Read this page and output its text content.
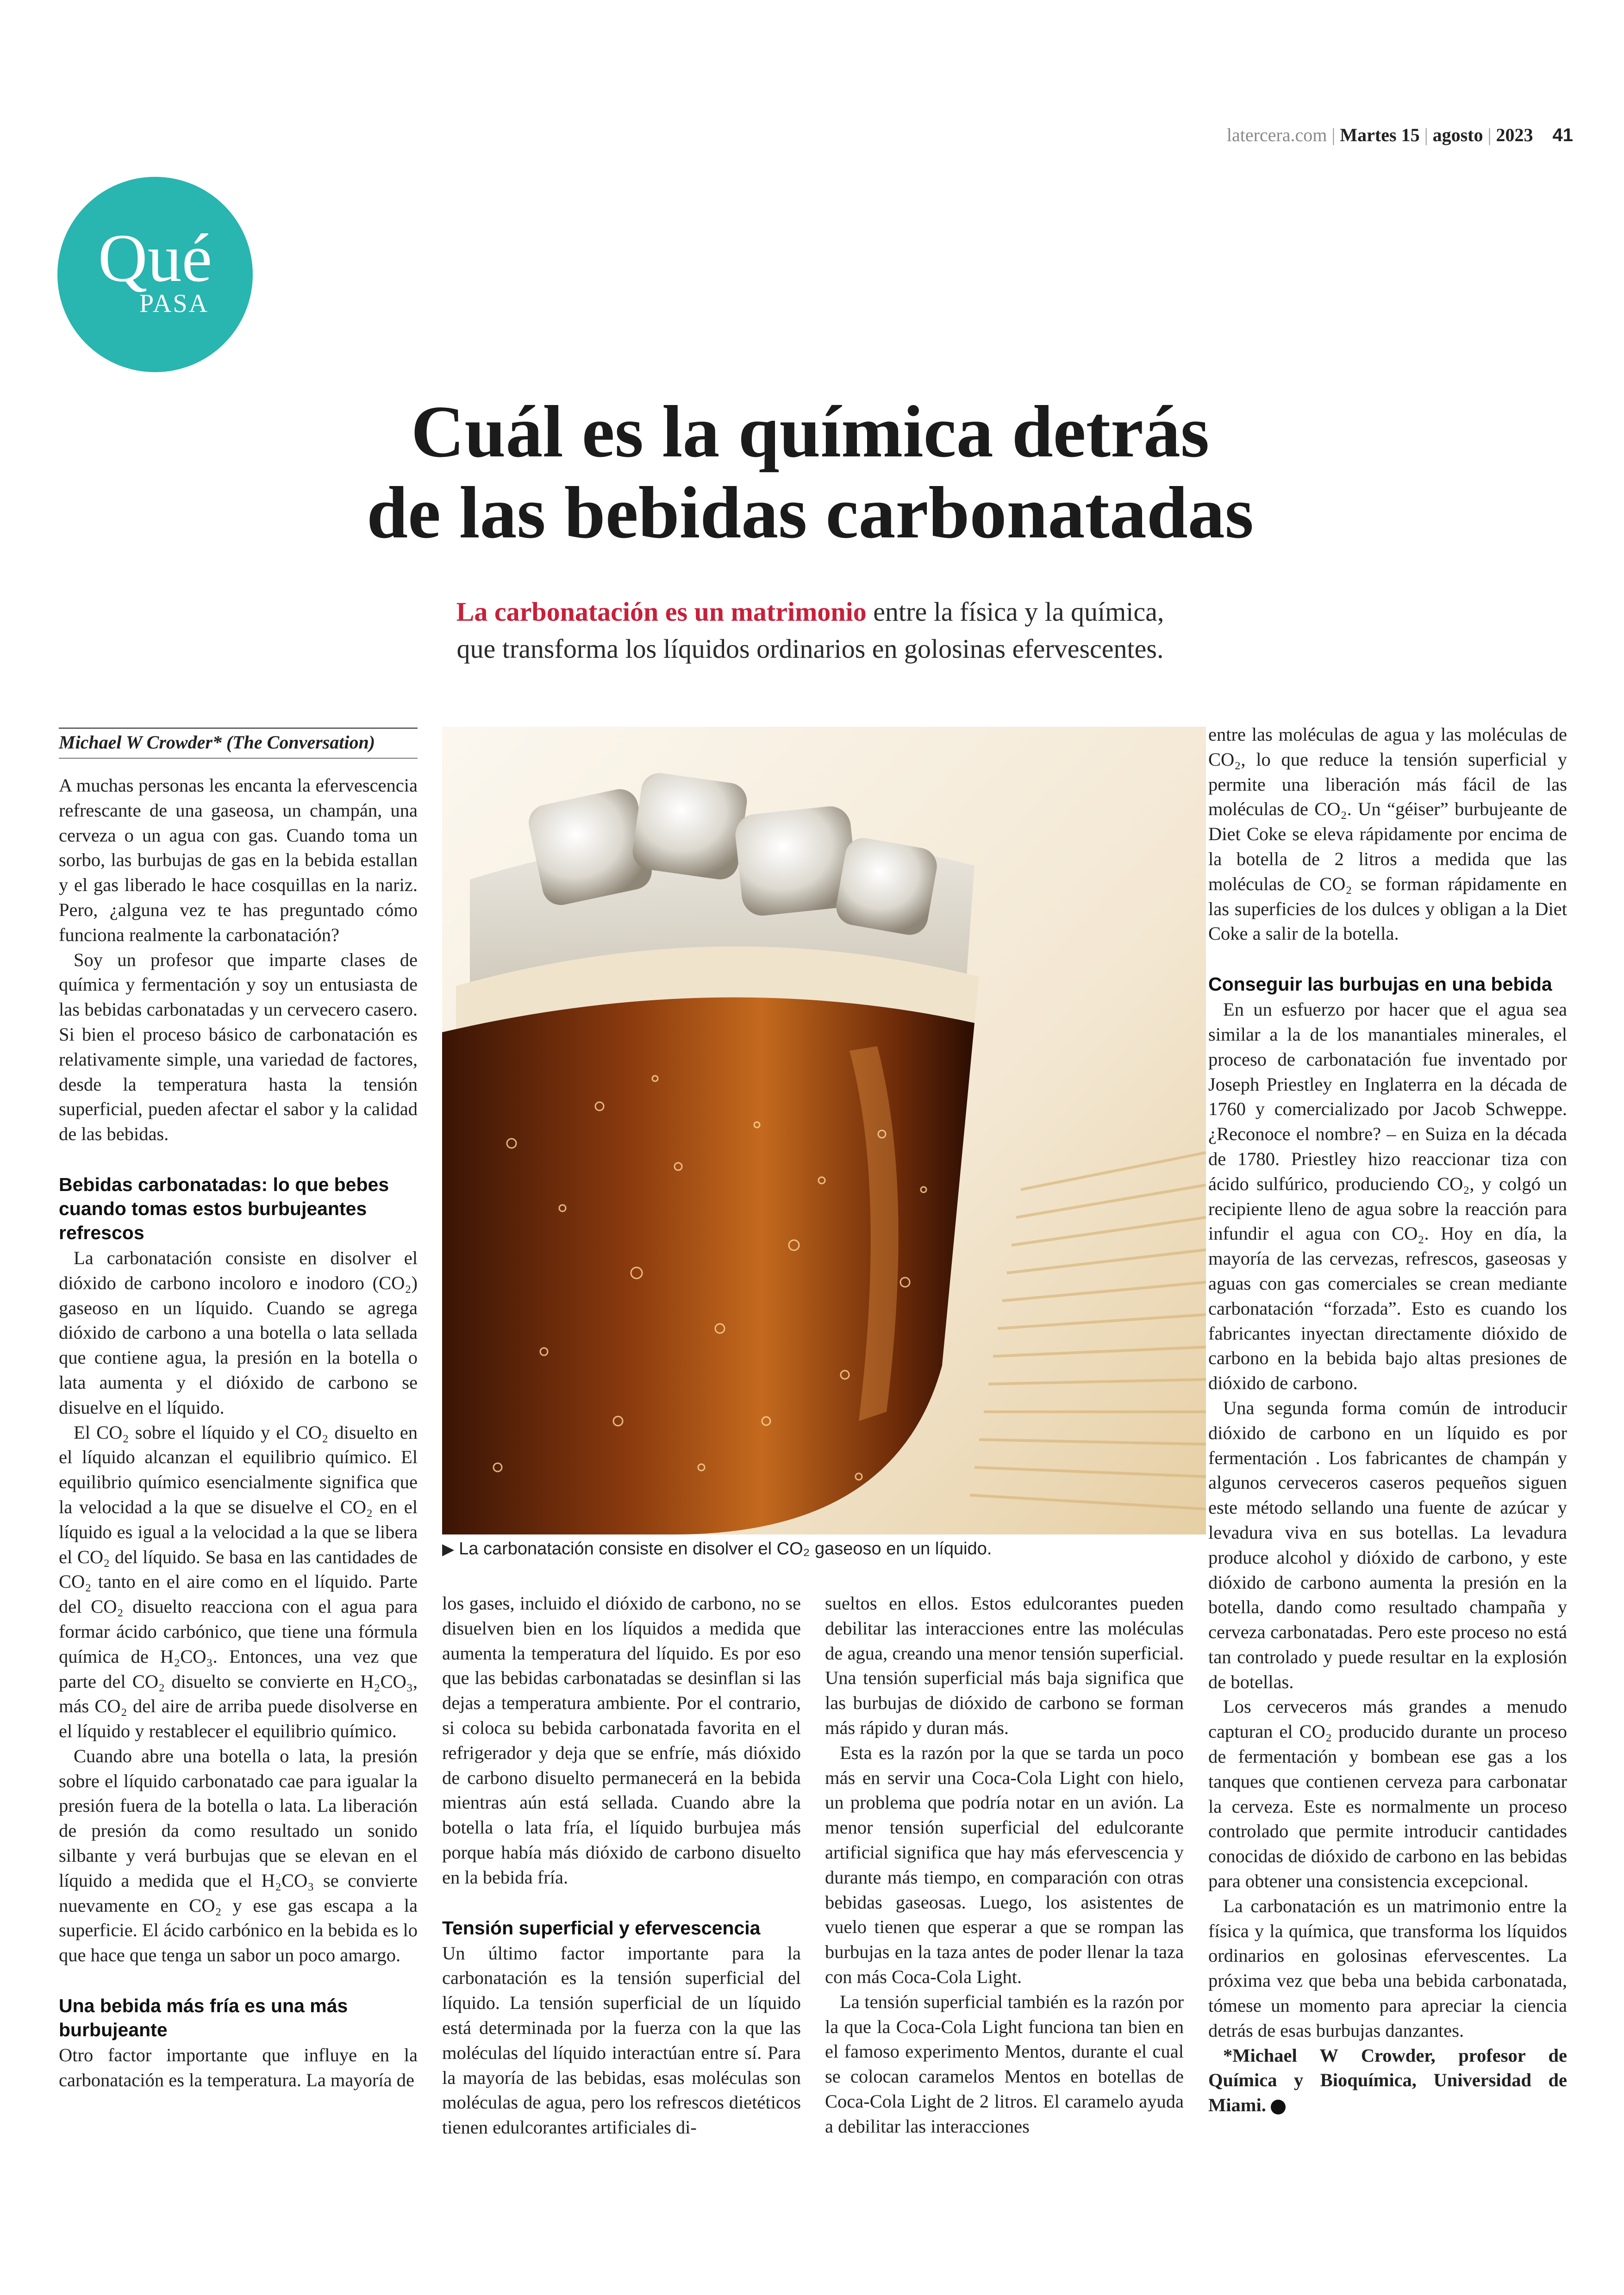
latercera.com | Martes 15 | agosto | 2023 41
Qué
PASA
Cuál es la química detrás
de las bebidas carbonatadas
La carbonatación es un matrimonio entre la física y la química,
que transforma los líquidos ordinarios en golosinas efervescentes.
Michael W Crowder* (The Conversation)

A muchas personas les encanta la efervescencia refrescante de una gaseosa, un champán, una cerveza o un agua con gas. Cuando toma un sorbo, las burbujas de gas en la bebida estallan y el gas liberado le hace cosquillas en la nariz. Pero, ¿alguna vez te has preguntado cómo funciona realmente la carbonatación?

Soy un profesor que imparte clases de química y fermentación y soy un entusiasta de las bebidas carbonatadas y un cervecero casero. Si bien el proceso básico de carbonatación es relativamente simple, una variedad de factores, desde la temperatura hasta la tensión superficial, pueden afectar el sabor y la calidad de las bebidas.

Bebidas carbonatadas: lo que bebes cuando tomas estos burbujeantes refrescos

La carbonatación consiste en disolver el dióxido de carbono incoloro e inodoro (CO₂) gaseoso en un líquido. Cuando se agrega dióxido de carbono a una botella o lata sellada que contiene agua, la presión en la botella o lata aumenta y el dióxido de carbono se disuelve en el líquido.

El CO₂ sobre el líquido y el CO₂ disuelto en el líquido alcanzan el equilibrio químico. El equilibrio químico esencialmente significa que la velocidad a la que se disuelve el CO₂ en el líquido es igual a la velocidad a la que se libera el CO₂ del líquido. Se basa en las cantidades de CO₂ tanto en el aire como en el líquido. Parte del CO₂ disuelto reacciona con el agua para formar ácido carbónico, que tiene una fórmula química de H₂CO₃. Entonces, una vez que parte del CO₂ disuelto se convierte en H₂CO₃, más CO₂ del aire de arriba puede disolverse en el líquido y restablecer el equilibrio químico.

Cuando abre una botella o lata, la presión sobre el líquido carbonatado cae para igualar la presión fuera de la botella o lata. La liberación de presión da como resultado un sonido silbante y verá burbujas que se elevan en el líquido a medida que el H₂CO₃ se convierte nuevamente en CO₂ y ese gas escapa a la superficie. El ácido carbónico en la bebida es lo que hace que tenga un sabor un poco amargo.

Una bebida más fría es una más burbujeante

Otro factor importante que influye en la carbonatación es la temperatura. La mayoría de

▶ La carbonatación consiste en disolver el CO₂ gaseoso en un líquido.

los gases, incluido el dióxido de carbono, no se disuelven bien en los líquidos a medida que aumenta la temperatura del líquido. Es por eso que las bebidas carbonatadas se desinflan si las dejas a temperatura ambiente. Por el contrario, si coloca su bebida carbonatada favorita en el refrigerador y deja que se enfríe, más dióxido de carbono disuelto permanecerá en la bebida mientras aún está sellada. Cuando abre la botella o lata fría, el líquido burbujea más porque había más dióxido de carbono disuelto en la bebida fría.

Tensión superficial y efervescencia

Un último factor importante para la carbonatación es la tensión superficial del líquido. La tensión superficial de un líquido está determinada por la fuerza con la que las moléculas del líquido interactúan entre sí. Para la mayoría de las bebidas, esas moléculas son moléculas de agua, pero los refrescos dietéticos tienen edulcorantes artificiales di-

sueltos en ellos. Estos edulcorantes pueden debilitar las interacciones entre las moléculas de agua, creando una menor tensión superficial. Una tensión superficial más baja significa que las burbujas de dióxido de carbono se forman más rápido y duran más.

Esta es la razón por la que se tarda un poco más en servir una Coca-Cola Light con hielo, un problema que podría notar en un avión. La menor tensión superficial del edulcorante artificial significa que hay más efervescencia y durante más tiempo, en comparación con otras bebidas gaseosas. Luego, los asistentes de vuelo tienen que esperar a que se rompan las burbujas en la taza antes de poder llenar la taza con más Coca-Cola Light.

La tensión superficial también es la razón por la que la Coca-Cola Light funciona tan bien en el famoso experimento Mentos, durante el cual se colocan caramelos Mentos en botellas de Coca-Cola Light de 2 litros. El caramelo ayuda a debilitar las interacciones

entre las moléculas de agua y las moléculas de CO₂, lo que reduce la tensión superficial y permite una liberación más fácil de las moléculas de CO₂. Un “géiser” burbujeante de Diet Coke se eleva rápidamente por encima de la botella de 2 litros a medida que las moléculas de CO₂ se forman rápidamente en las superficies de los dulces y obligan a la Diet Coke a salir de la botella.

Conseguir las burbujas en una bebida

En un esfuerzo por hacer que el agua sea similar a la de los manantiales minerales, el proceso de carbonatación fue inventado por Joseph Priestley en Inglaterra en la década de 1760 y comercializado por Jacob Schweppe. ¿Reconoce el nombre? – en Suiza en la década de 1780. Priestley hizo reaccionar tiza con ácido sulfúrico, produciendo CO₂, y colgó un recipiente lleno de agua sobre la reacción para infundir el agua con CO₂. Hoy en día, la mayoría de las cervezas, refrescos, gaseosas y aguas con gas comerciales se crean mediante carbonatación “forzada”. Esto es cuando los fabricantes inyectan directamente dióxido de carbono en la bebida bajo altas presiones de dióxido de carbono.

Una segunda forma común de introducir dióxido de carbono en un líquido es por fermentación . Los fabricantes de champán y algunos cerveceros caseros pequeños siguen este método sellando una fuente de azúcar y levadura viva en sus botellas. La levadura produce alcohol y dióxido de carbono, y este dióxido de carbono aumenta la presión en la botella, dando como resultado champaña y cerveza carbonatadas. Pero este proceso no está tan controlado y puede resultar en la explosión de botellas.

Los cerveceros más grandes a menudo capturan el CO₂ producido durante un proceso de fermentación y bombean ese gas a los tanques que contienen cerveza para carbonatar la cerveza. Este es normalmente un proceso controlado que permite introducir cantidades conocidas de dióxido de carbono en las bebidas para obtener una consistencia excepcional.

La carbonatación es un matrimonio entre la física y la química, que transforma los líquidos ordinarios en golosinas efervescentes. La próxima vez que beba una bebida carbonatada, tómese un momento para apreciar la ciencia detrás de esas burbujas danzantes.

*Michael W Crowder, profesor de Química y Bioquímica, Universidad de Miami.
